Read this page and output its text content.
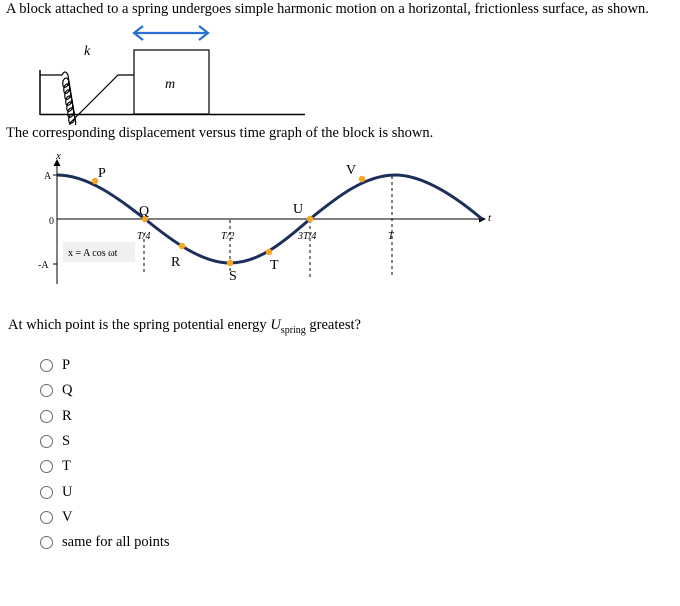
A block attached to a spring undergoes simple harmonic motion on a horizontal, frictionless surface, as shown.
k
m
The corresponding displacement versus time graph of the block is shown.
x
t
A
-A
0
T/4	T/2	3T/4	T
x = A cos ωt
P
Q
R
S
T
U
V
At which point is the spring potential energy $U_{spring}$ greatest?
P
Q
R
S
T
U
V
same for all points
